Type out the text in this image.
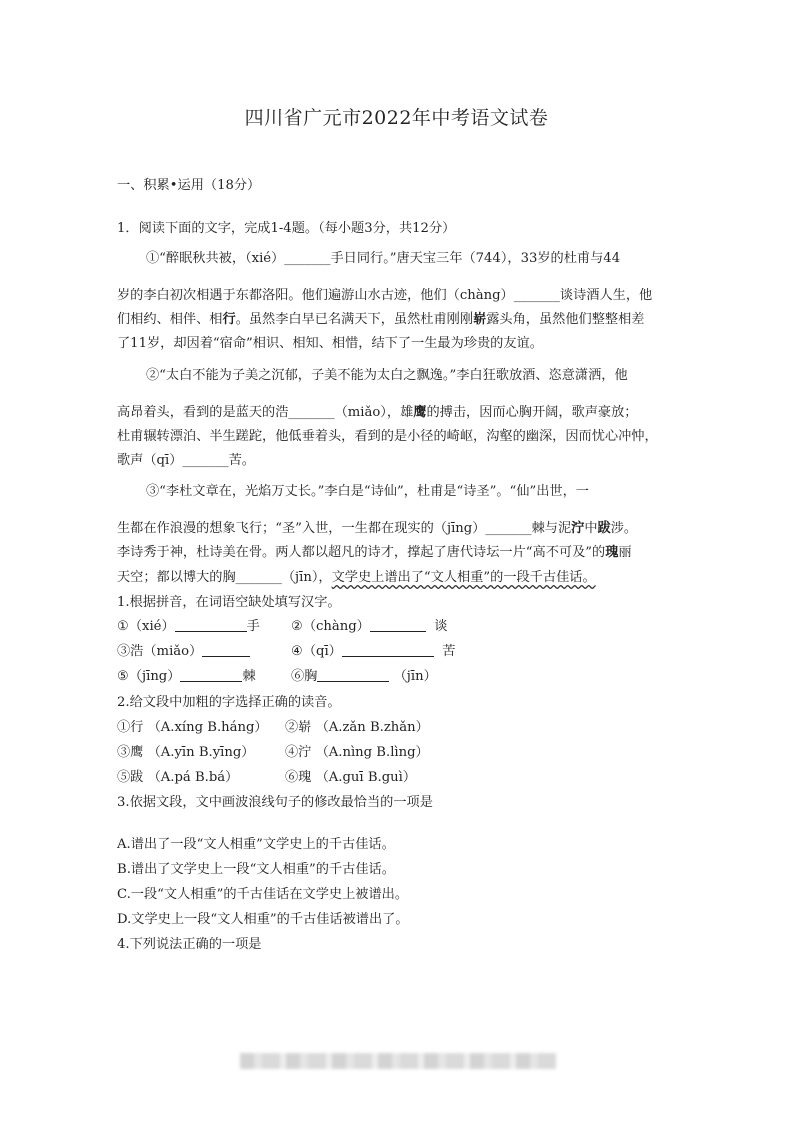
四川省广元市2022年中考语文试卷
一、积累•运用（18分）
1．阅读下面的文字，完成1-4题。（每小题3分，共12分）
①“醉眠秋共被，（xié）_______手日同行。”唐天宝三年（744），33岁的杜甫与44
岁的李白初次相遇于东都洛阳。他们遍游山水古迹，他们（chàng）_______谈诗酒人生，他
们相约、相伴、相行。虽然李白早已名满天下，虽然杜甫刚刚崭露头角，虽然他们整整相差
了11岁，却因着“宿命”相识、相知、相惜，结下了一生最为珍贵的友谊。
②“太白不能为子美之沉郁，子美不能为太白之飘逸。”李白狂歌放酒、恣意潇洒，他
高昂着头，看到的是蓝天的浩_______（miǎo），雄鹰的搏击，因而心胸开阔，歌声豪放；
杜甫辗转漂泊、半生蹉跎，他低垂着头，看到的是小径的崎岖，沟壑的幽深，因而忧心冲忡，
歌声（qī）_______苦。
③“李杜文章在，光焰万丈长。”李白是“诗仙”，杜甫是“诗圣”。“仙”出世，一
生都在作浪漫的想象飞行；“圣”入世，一生都在现实的（jīng）_______棘与泥泞中跋涉。
李诗秀于神，杜诗美在骨。两人都以超凡的诗才，撑起了唐代诗坛一片“高不可及”的瑰丽
天空；都以博大的胸_______（jīn），文学史上谱出了“文人相重”的一段千古佳话。
1.根据拼音，在词语空缺处填写汉字。
①（xié）	手 ②（chàng）	谈
③浩（miǎo）	④（qī）	苦
⑤（jīng）	棘	⑥胸	（jīn）
2.给文段中加粗的字选择正确的读音。
①行 （A.xíng B.háng） ②崭 （A.zǎn B.zhǎn）
③鹰 （A.yīn B.yīng） ④泞 （A.nìng B.lìng）
⑤跋 （A.pá B.bá）	⑥瑰 （A.guī B.guì）
3.依据文段，文中画波浪线句子的修改最恰当的一项是
A.谱出了一段“文人相重”文学史上的千古佳话。
B.谱出了文学史上一段“文人相重”的千古佳话。
C.一段“文人相重”的千古佳话在文学史上被谱出。
D.文学史上一段“文人相重”的千古佳话被谱出了。
4.下列说法正确的一项是
